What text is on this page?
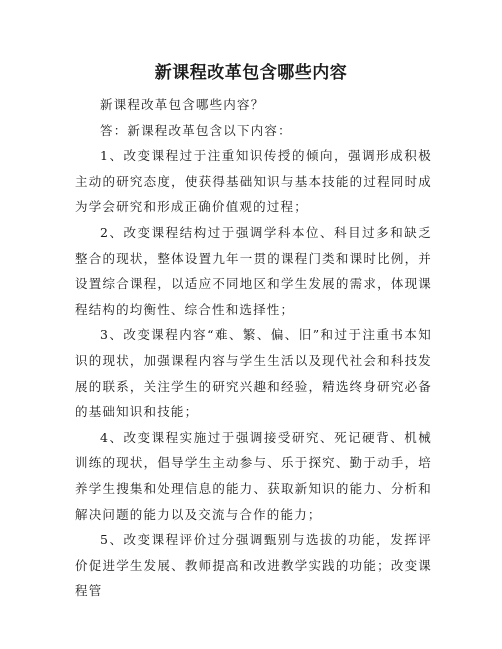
新课程改革包含哪些内容

新课程改革包含哪些内容？

答：新课程改革包含以下内容：

1、改变课程过于注重知识传授的倾向，强调形成积极主动的研究态度，使获得基础知识与基本技能的过程同时成为学会研究和形成正确价值观的过程；

2、改变课程结构过于强调学科本位、科目过多和缺乏整合的现状，整体设置九年一贯的课程门类和课时比例，并设置综合课程，以适应不同地区和学生发展的需求，体现课程结构的均衡性、综合性和选择性；

3、改变课程内容“难、繁、偏、旧”和过于注重书本知识的现状，加强课程内容与学生生活以及现代社会和科技发展的联系，关注学生的研究兴趣和经验，精选终身研究必备的基础知识和技能；

4、改变课程实施过于强调接受研究、死记硬背、机械训练的现状，倡导学生主动参与、乐于探究、勤于动手，培养学生搜集和处理信息的能力、获取新知识的能力、分析和解决问题的能力以及交流与合作的能力；

5、改变课程评价过分强调甄别与选拔的功能，发挥评价促进学生发展、教师提高和改进教学实践的功能；改变课程管
